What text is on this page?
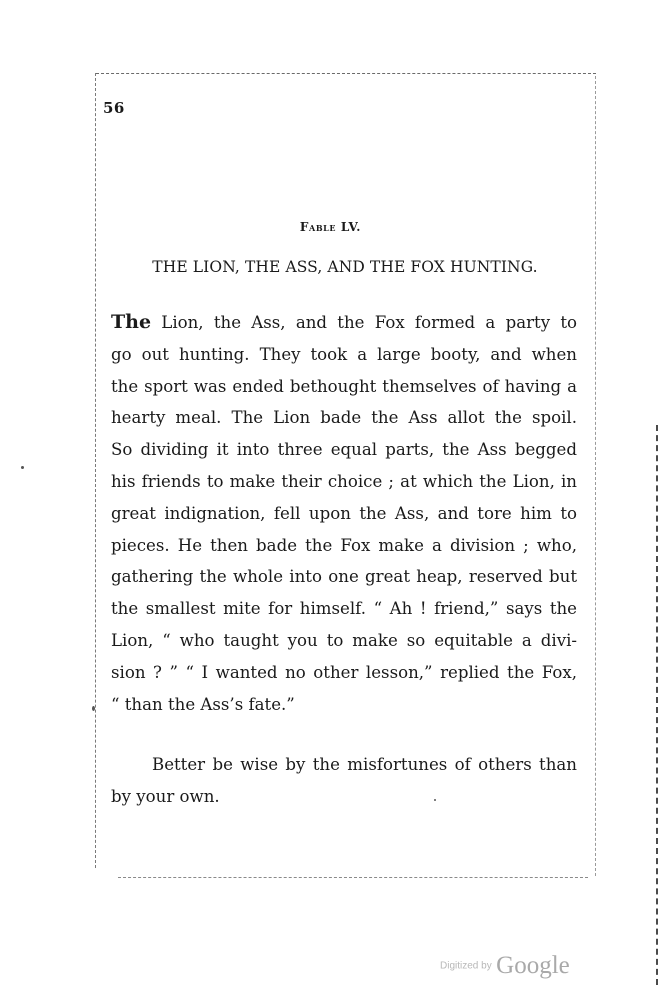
56
Fable LV.
THE LION, THE ASS, AND THE FOX HUNTING.
The Lion, the Ass, and the Fox formed a party to
go out hunting. They took a large booty, and when
the sport was ended bethought themselves of having a
hearty meal. The Lion bade the Ass allot the spoil.
So dividing it into three equal parts, the Ass begged
his friends to make their choice ; at which the Lion, in
great indignation, fell upon the Ass, and tore him to
pieces. He then bade the Fox make a division ; who,
gathering the whole into one great heap, reserved but
the smallest mite for himself. “ Ah ! friend,” says the
Lion, “ who taught you to make so equitable a divi-
sion ? ” “ I wanted no other lesson,” replied the Fox,
“ than the Ass’s fate.”
Better be wise by the misfortunes of others than
by your own.
Digitized by Google
